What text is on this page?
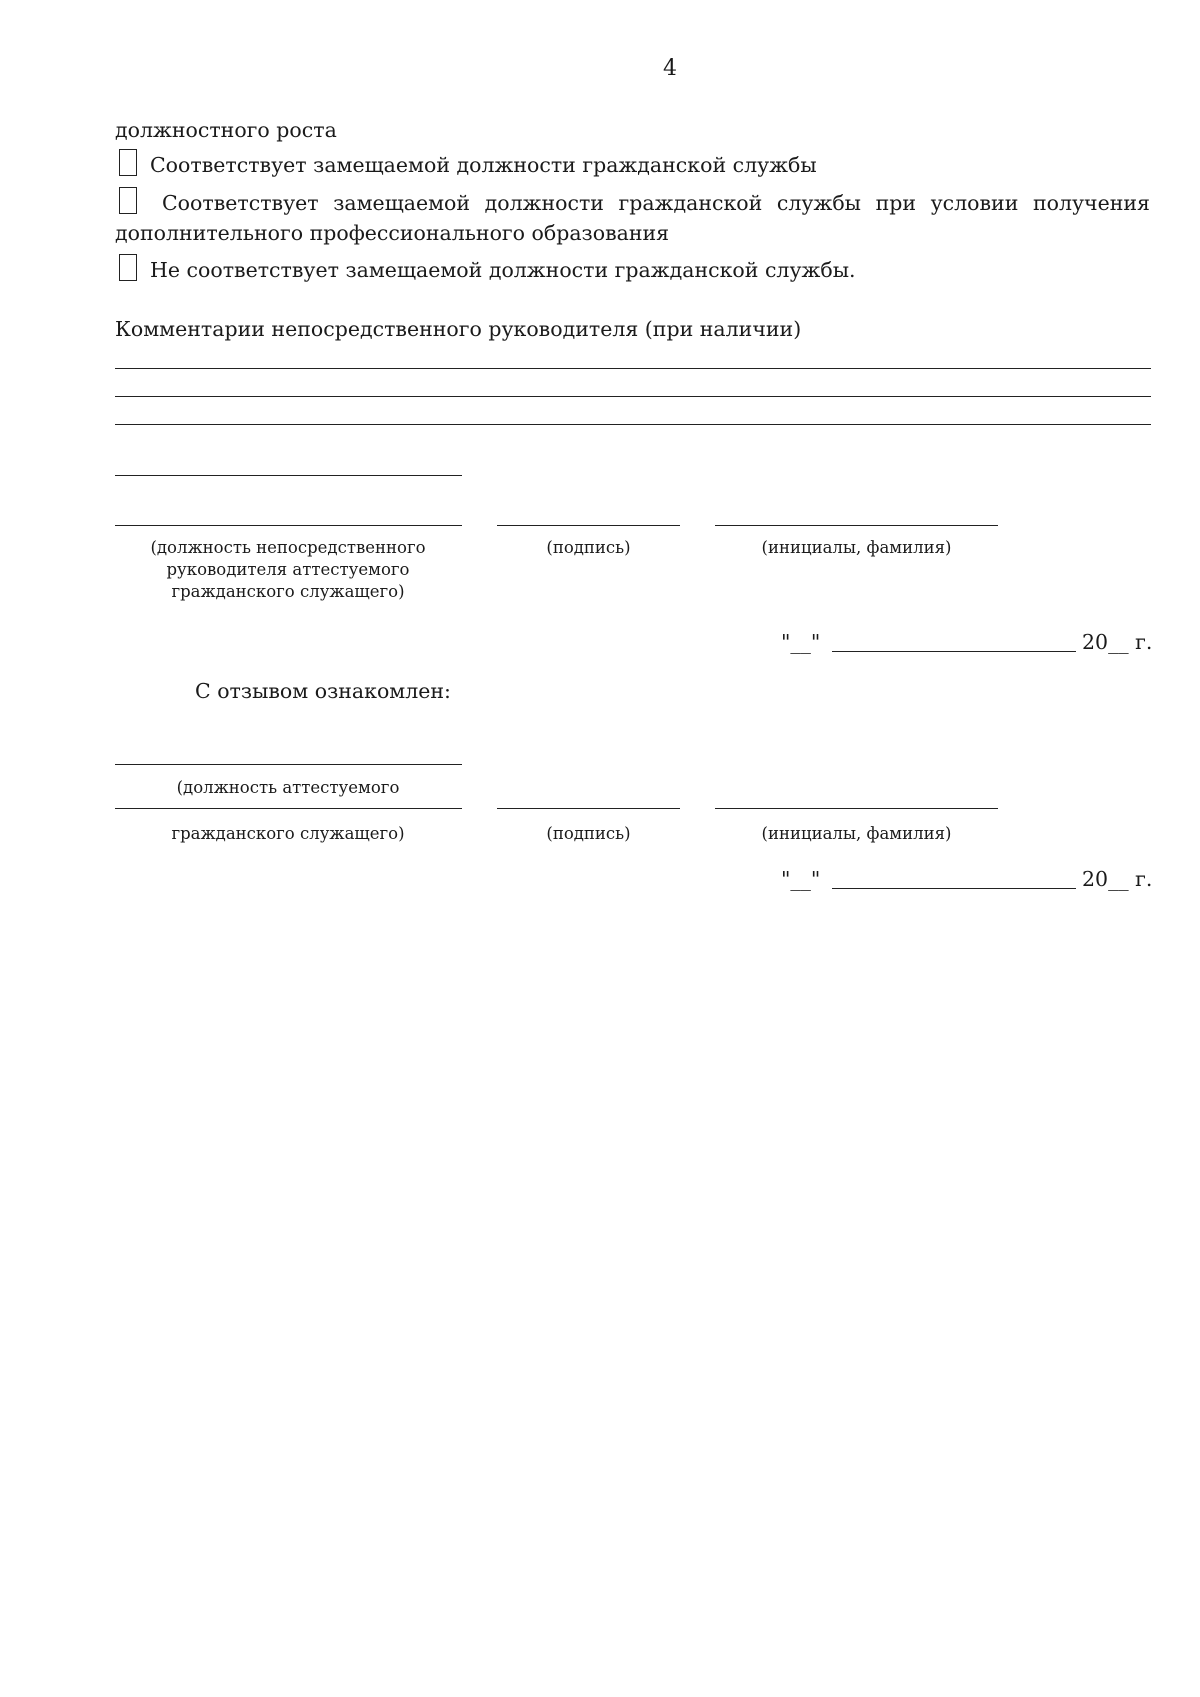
4
должностного роста
Соответствует замещаемой должности гражданской службы
Соответствует замещаемой должности гражданской службы при условии получения
дополнительного профессионального образования
Не соответствует замещаемой должности гражданской службы.
Комментарии непосредственного руководителя (при наличии)
(должность непосредственного руководителя аттестуемого гражданского служащего)
(подпись)	(инициалы, фамилия)
"__"	20__ г.
С отзывом ознакомлен:
(должность аттестуемого
гражданского служащего)	(подпись)	(инициалы, фамилия)
"__"	20__ г.
